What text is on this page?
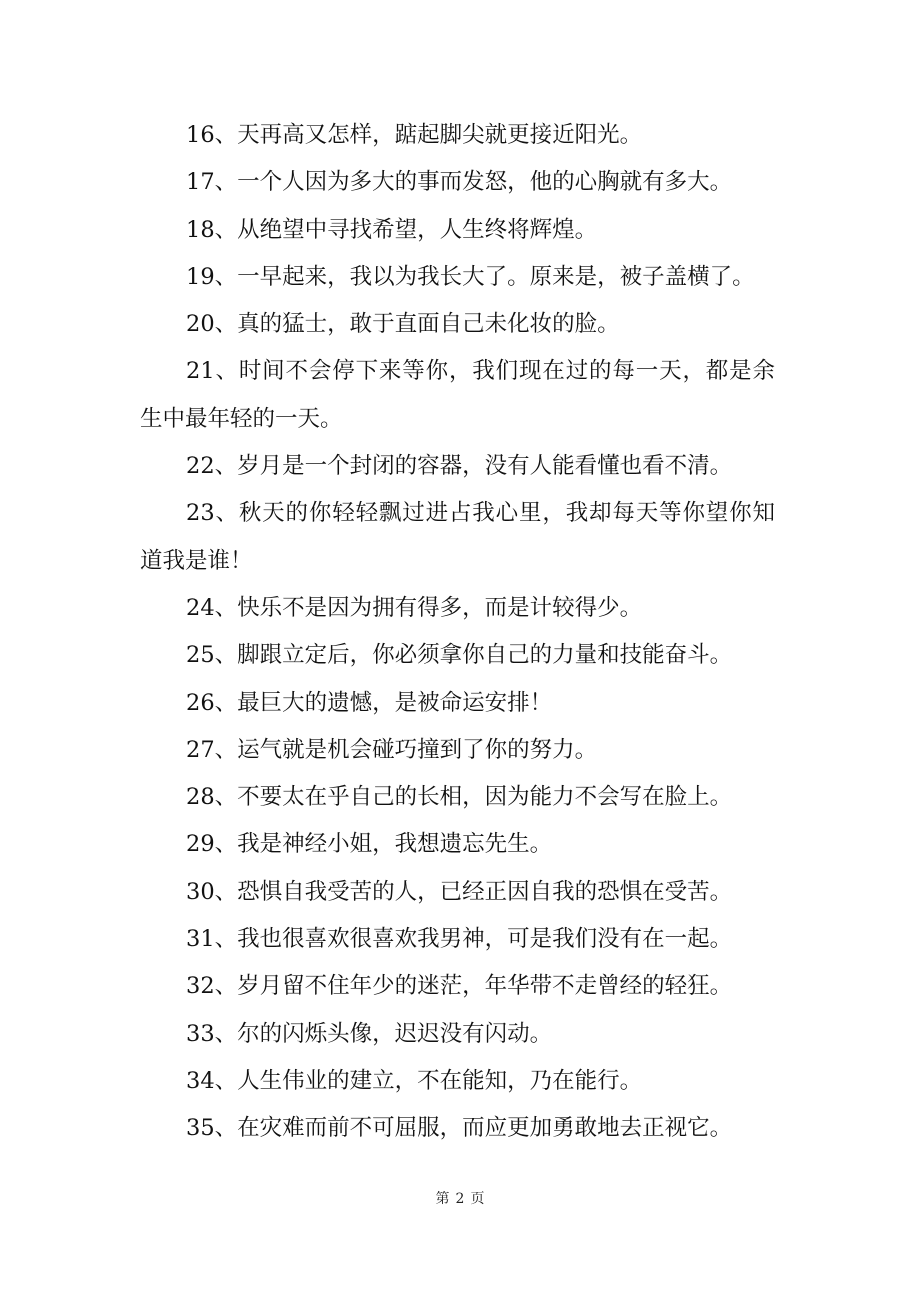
16、天再高又怎样，踮起脚尖就更接近阳光。

17、一个人因为多大的事而发怒，他的心胸就有多大。

18、从绝望中寻找希望，人生终将辉煌。

19、一早起来，我以为我长大了。原来是，被子盖横了。

20、真的猛士，敢于直面自己未化妆的脸。

21、时间不会停下来等你，我们现在过的每一天，都是余生中最年轻的一天。

22、岁月是一个封闭的容器，没有人能看懂也看不清。

23、秋天的你轻轻飘过进占我心里，我却每天等你望你知道我是谁！

24、快乐不是因为拥有得多，而是计较得少。

25、脚跟立定后，你必须拿你自己的力量和技能奋斗。

26、最巨大的遗憾，是被命运安排！

27、运气就是机会碰巧撞到了你的努力。

28、不要太在乎自己的长相，因为能力不会写在脸上。

29、我是神经小姐，我想遗忘先生。

30、恐惧自我受苦的人，已经正因自我的恐惧在受苦。

31、我也很喜欢很喜欢我男神，可是我们没有在一起。

32、岁月留不住年少的迷茫，年华带不走曾经的轻狂。

33、尔的闪烁头像，迟迟没有闪动。

34、人生伟业的建立，不在能知，乃在能行。

35、在灾难而前不可屈服，而应更加勇敢地去正视它。

第 2 页
